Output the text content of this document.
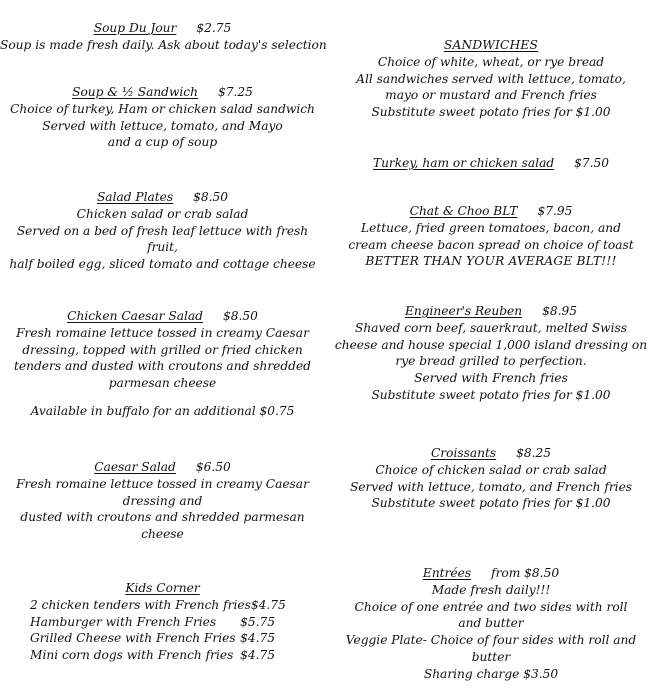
Soup Du Jour $2.75
Soup is made fresh daily. Ask about today's selection
Soup & ½ Sandwich $7.25
Choice of turkey, Ham or chicken salad sandwich
Served with lettuce, tomato, and Mayo
and a cup of soup
Salad Plates $8.50
Chicken salad or crab salad
Served on a bed of fresh leaf lettuce with fresh
fruit,
half boiled egg, sliced tomato and cottage cheese
Chicken Caesar Salad $8.50
Fresh romaine lettuce tossed in creamy Caesar
dressing, topped with grilled or fried chicken
tenders and dusted with croutons and shredded
parmesan cheese
Available in buffalo for an additional $0.75
Caesar Salad $6.50
Fresh romaine lettuce tossed in creamy Caesar
dressing and
dusted with croutons and shredded parmesan
cheese
Kids Corner
2 chicken tenders with French fries $4.75
Hamburger with French Fries $5.75
Grilled Cheese with French Fries $4.75
Mini corn dogs with French fries $4.75
SANDWICHES
Choice of white, wheat, or rye bread
All sandwiches served with lettuce, tomato,
mayo or mustard and French fries
Substitute sweet potato fries for $1.00
Turkey, ham or chicken salad $7.50
Chat & Choo BLT $7.95
Lettuce, fried green tomatoes, bacon, and
cream cheese bacon spread on choice of toast
BETTER THAN YOUR AVERAGE BLT!!!
Engineer's Reuben $8.95
Shaved corn beef, sauerkraut, melted Swiss
cheese and house special 1,000 island dressing on
rye bread grilled to perfection.
Served with French fries
Substitute sweet potato fries for $1.00
Croissants $8.25
Choice of chicken salad or crab salad
Served with lettuce, tomato, and French fries
Substitute sweet potato fries for $1.00
Entrées from $8.50
Made fresh daily!!!
Choice of one entrée and two sides with roll
and butter
Veggie Plate- Choice of four sides with roll and
butter
Sharing charge $3.50
